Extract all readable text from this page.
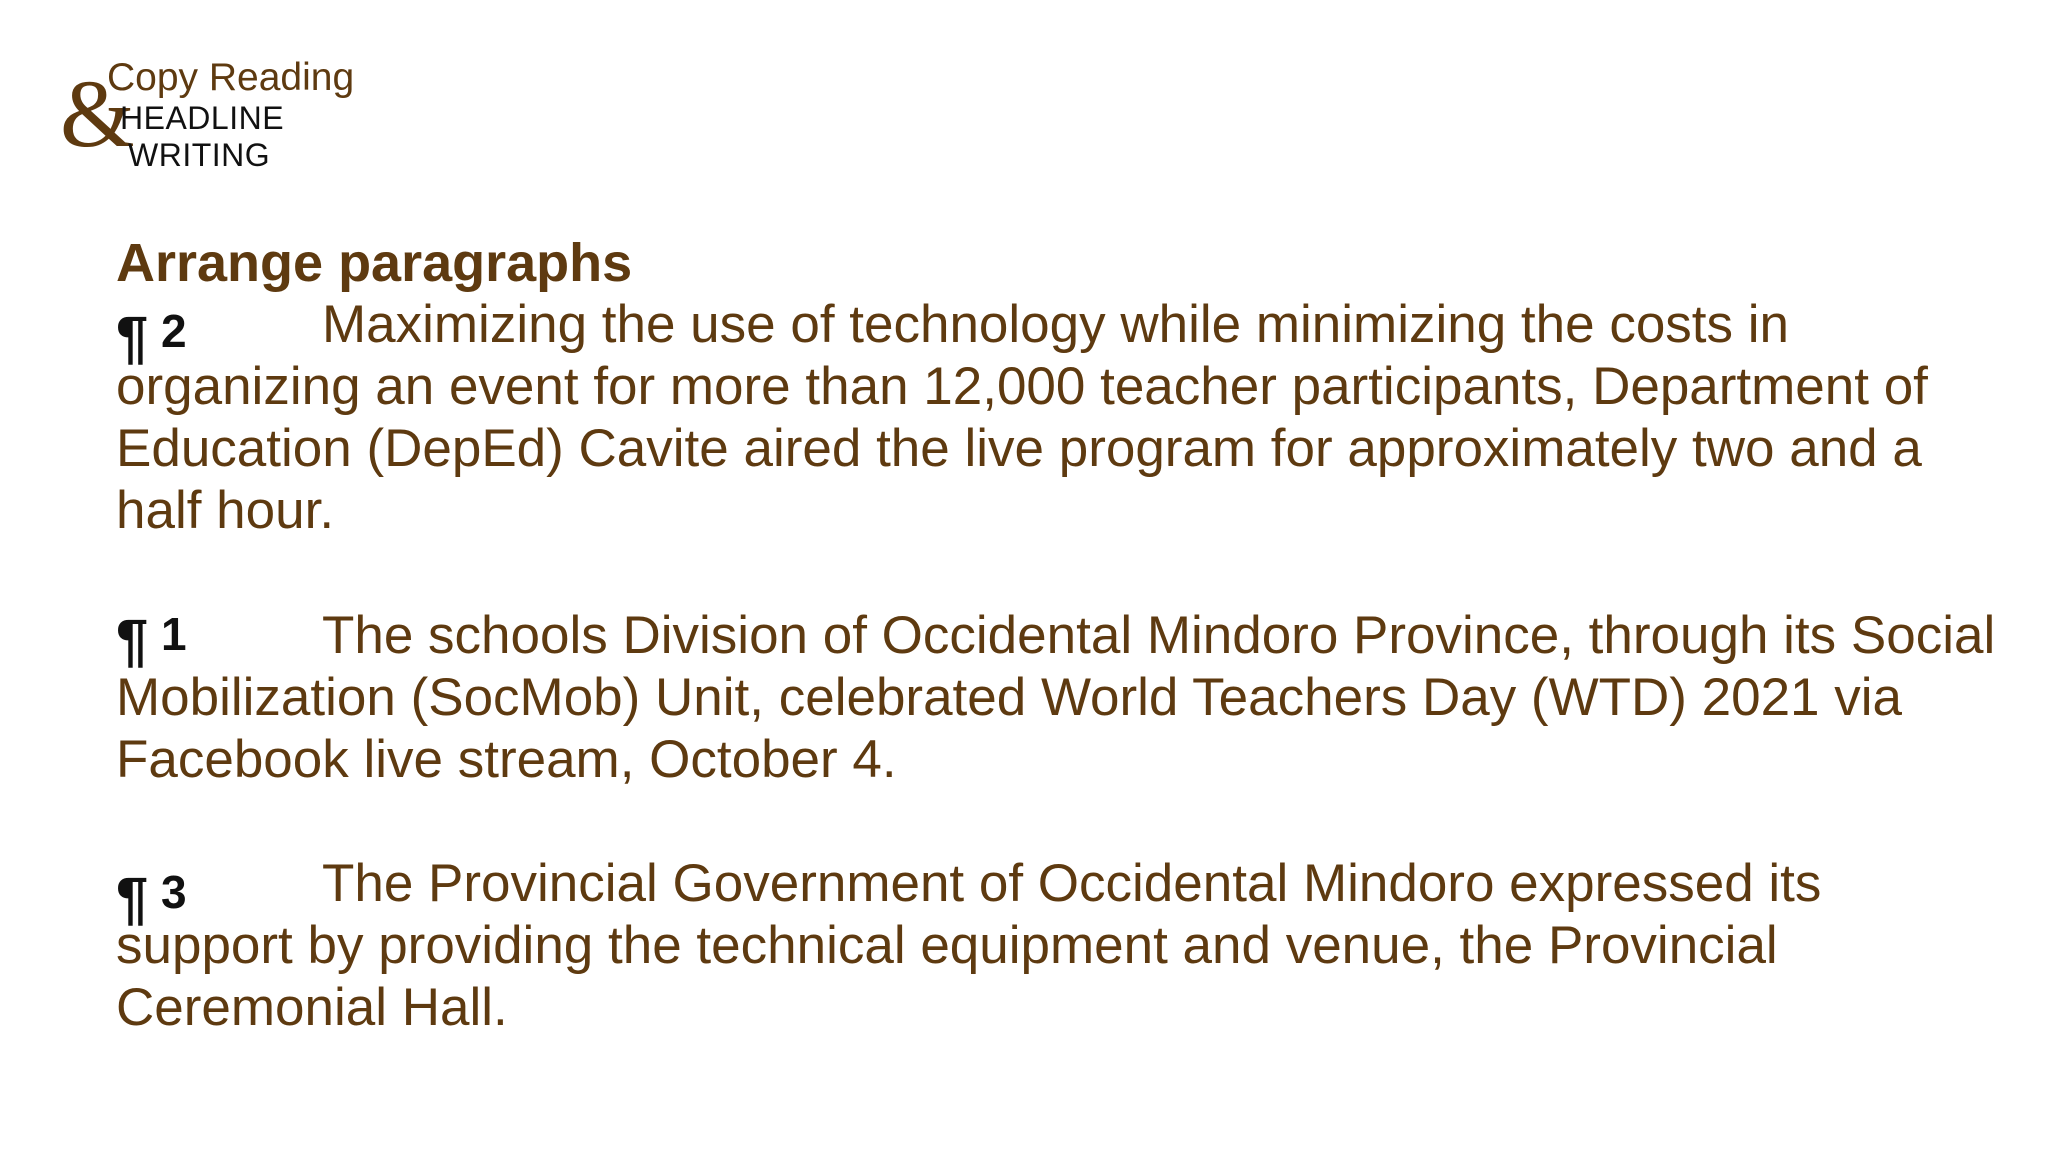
&
Copy Reading
HEADLINE
WRITING
Arrange paragraphs
¶ 2	Maximizing the use of technology while minimizing the costs in organizing an event for more than 12,000 teacher participants, Department of Education (DepEd) Cavite aired the live program for approximately two and a half hour.
¶ 1	The schools Division of Occidental Mindoro Province, through its Social Mobilization (SocMob) Unit, celebrated World Teachers Day (WTD) 2021 via Facebook live stream, October 4.
¶ 3	The Provincial Government of Occidental Mindoro expressed its support by providing the technical equipment and venue, the Provincial Ceremonial Hall.
